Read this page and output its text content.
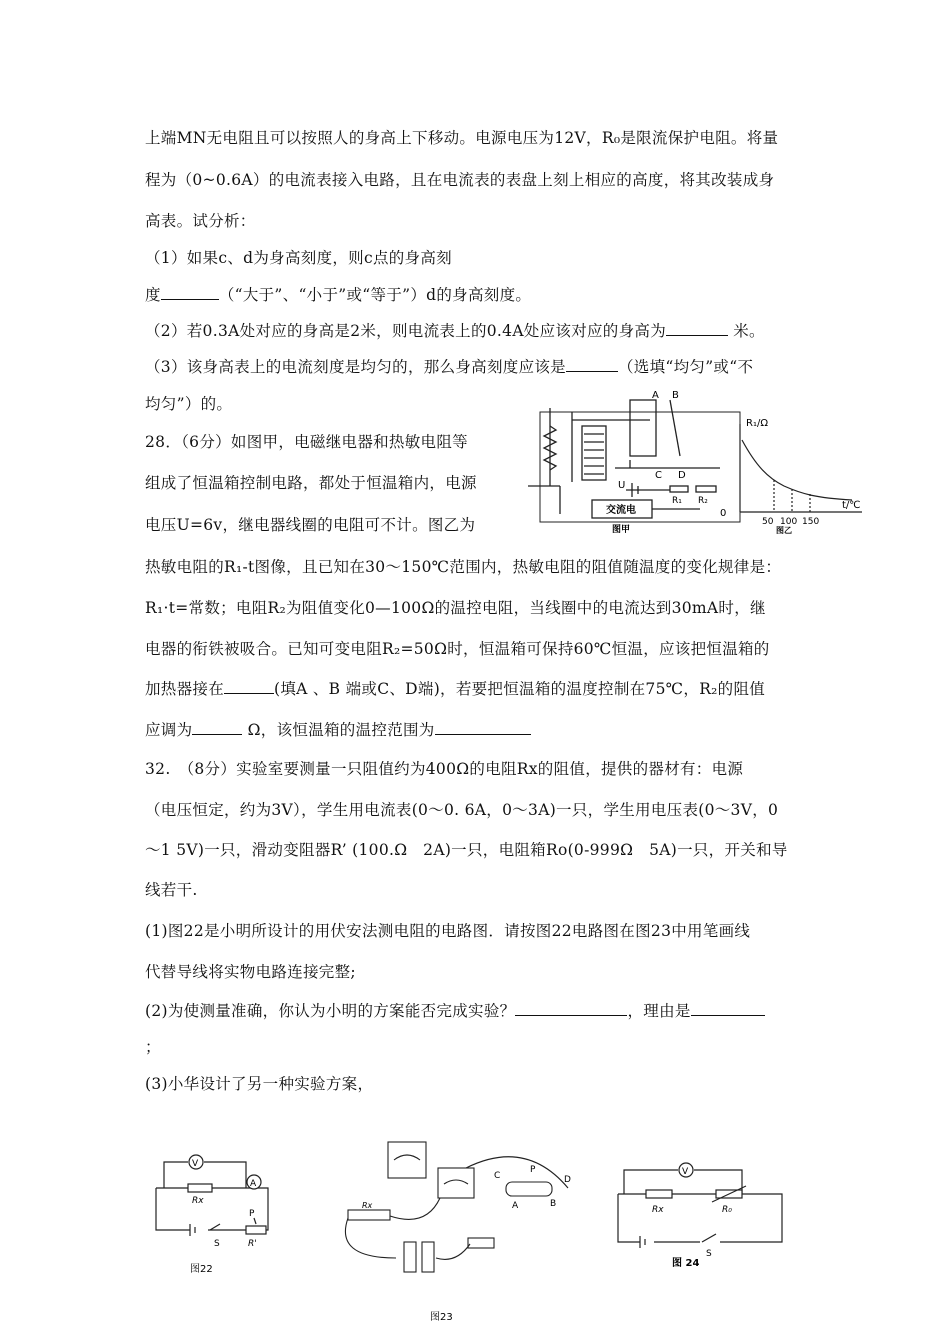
上端MN无电阻且可以按照人的身高上下移动。电源电压为12V，R₀是限流保护电阻。将量
程为（0~0.6A）的电流表接入电路，且在电流表的表盘上刻上相应的高度，将其改装成身
高表。试分析：
（1）如果c、d为身高刻度，则c点的身高刻
度	（“大于”、“小于”或“等于”）d的身高刻度。
（2）若0.3A处对应的身高是2米，则电流表上的0.4A处应该对应的身高为	米。
（3）该身高表上的电流刻度是均匀的，那么身高刻度应该是	（选填“均匀”或“不
均匀”）的。
28．（6分）如图甲，电磁继电器和热敏电阻等
组成了恒温箱控制电路，都处于恒温箱内，电源
电压U=6v，继电器线圈的电阻可不计。图乙为
热敏电阻的R₁-t图像，且已知在30～150℃范围内，热敏电阻的阻值随温度的变化规律是：
R₁·t=常数；电阻R₂为阻值变化0—100Ω的温控电阻，当线圈中的电流达到30mA时，继
电器的衔铁被吸合。已知可变电阻R₂=50Ω时，恒温箱可保持60℃恒温，应该把恒温箱的
加热器接在	(填A 、B 端或C、D端)，若要把恒温箱的温度控制在75℃，R₂的阻值
应调为	Ω，该恒温箱的温控范围为
32.　（8分）实验室要测量一只阻值约为400Ω的电阻Rx的阻值，提供的器材有：电源
（电压恒定，约为3V），学生用电流表(0～0. 6A，0～3A)一只，学生用电压表(0～3V，0
～1 5V)一只，滑动变阻器R’ (100.Ω　2A)一只，电阻箱Ro(0-999Ω　5A)一只，开关和导
线若干.
(1)图22是小明所设计的用伏安法测电阻的电路图．请按图22电路图在图23中用笔画线
代替导线将实物电路连接完整;
(2)为使测量准确，你认为小明的方案能否完成实验？	，理由是
；
(3)小华设计了另一种实验方案，
A B
C D
U
R₁ R₂
交流电
图甲
R₁/Ω
t/℃
0
50 100 150
图乙
V
A
Rx
P
R'
S
图22
C
P
D
A	B
Rx
图23
V
Rx	R₀
S
图 24
